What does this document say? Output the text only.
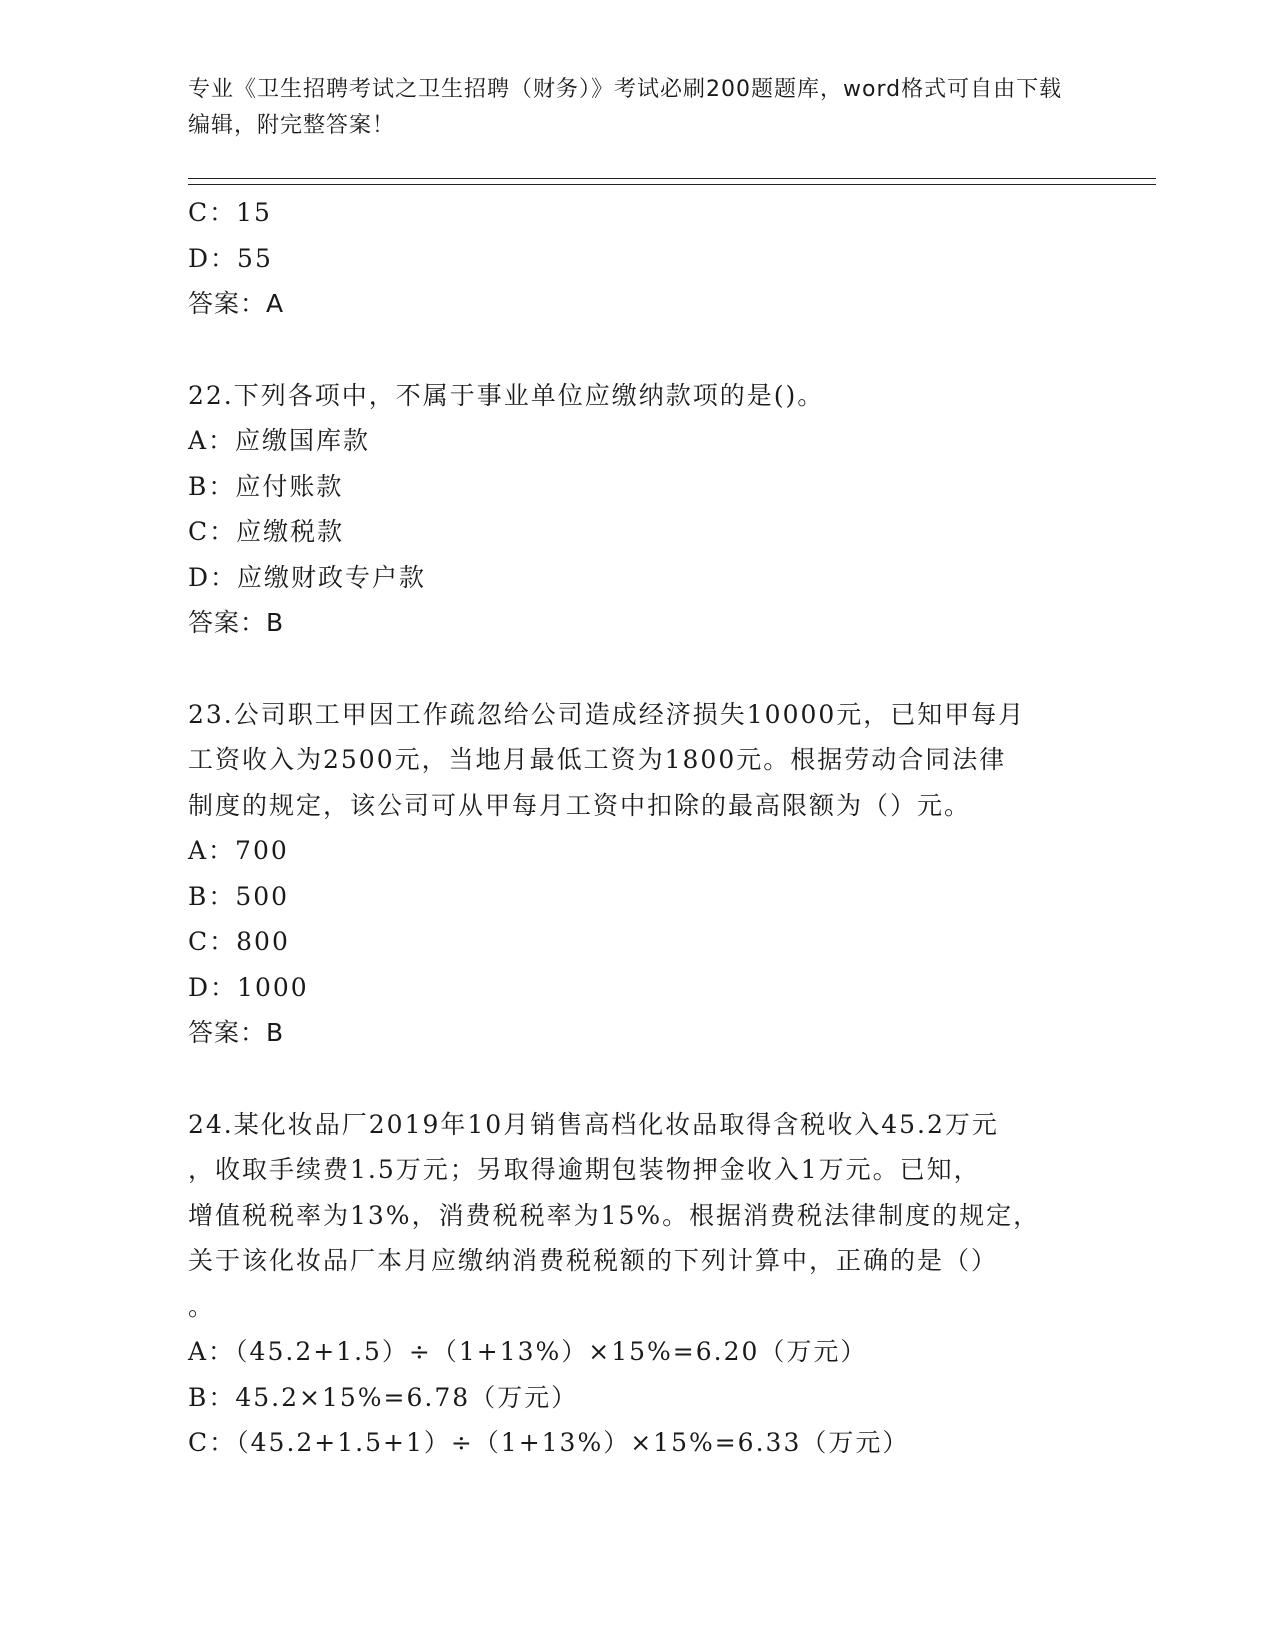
专业《卫生招聘考试之卫生招聘（财务）》考试必刷200题题库，word格式可自由下载编辑，附完整答案！
C：15
D：55
答案：A
22.下列各项中，不属于事业单位应缴纳款项的是()。
A：应缴国库款
B：应付账款
C：应缴税款
D：应缴财政专户款
答案：B
23.公司职工甲因工作疏忽给公司造成经济损失10000元，已知甲每月
工资收入为2500元，当地月最低工资为1800元。根据劳动合同法律
制度的规定，该公司可从甲每月工资中扣除的最高限额为（）元。
A：700
B：500
C：800
D：1000
答案：B
24.某化妆品厂2019年10月销售高档化妆品取得含税收入45.2万元
，收取手续费1.5万元；另取得逾期包装物押金收入1万元。已知，
增值税税率为13%，消费税税率为15%。根据消费税法律制度的规定，
关于该化妆品厂本月应缴纳消费税税额的下列计算中，正确的是（）
。
A：（45.2+1.5）÷（1+13%）×15%=6.20（万元）
B：45.2×15%=6.78（万元）
C：（45.2+1.5+1）÷（1+13%）×15%=6.33（万元）
